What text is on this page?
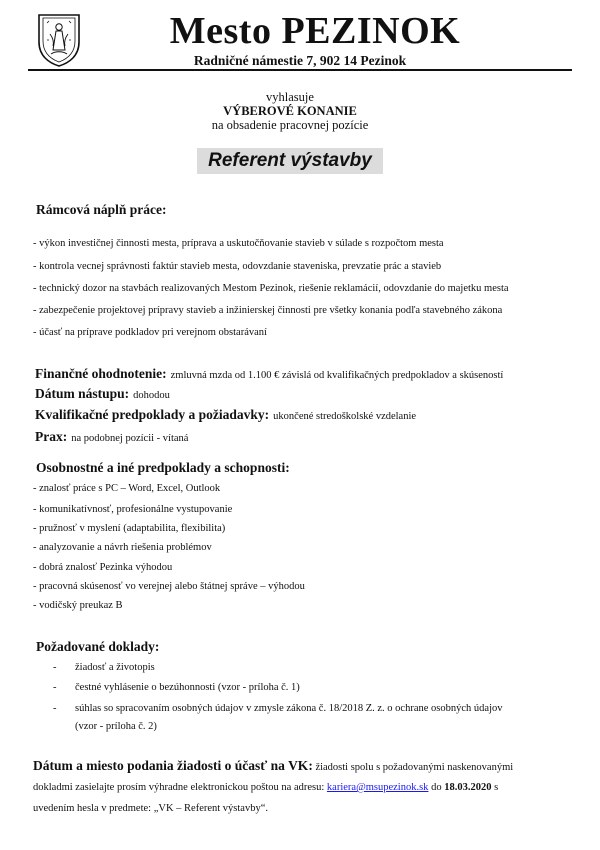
Mesto PEZINOK
Radničné námestie 7, 902 14 Pezinok
vyhlasuje
VÝBEROVÉ KONANIE
na obsadenie pracovnej pozície
Referent výstavby
Rámcová náplň práce:
- výkon investičnej činnosti mesta, príprava a uskutočňovanie stavieb v súlade s rozpočtom mesta
- kontrola vecnej správnosti faktúr stavieb mesta, odovzdanie staveniska, prevzatie prác a stavieb
- technický dozor na stavbách realizovaných Mestom Pezinok, riešenie reklamácií, odovzdanie do majetku mesta
- zabezpečenie projektovej prípravy stavieb a inžinierskej činnosti pre všetky konania podľa stavebného zákona
- účasť na príprave podkladov pri verejnom obstarávaní
Finančné ohodnotenie: zmluvná mzda od 1.100 € závislá od kvalifikačných predpokladov a skúseností
Dátum nástupu: dohodou
Kvalifikačné predpoklady a požiadavky: ukončené stredoškolské vzdelanie
Prax: na podobnej pozícii - vítaná
Osobnostné a iné predpoklady a schopnosti:
- znalosť práce s PC – Word, Excel, Outlook
- komunikatívnosť, profesionálne vystupovanie
- pružnosť v myslení (adaptabilita, flexibilita)
- analyzovanie a návrh riešenia problémov
- dobrá znalosť Pezinka výhodou
- pracovná skúsenosť vo verejnej alebo štátnej správe – výhodou
- vodičský preukaz B
Požadované doklady:
- žiadosť a životopis
- čestné vyhlásenie o bezúhonnosti (vzor - príloha č. 1)
- súhlas so spracovaním osobných údajov v zmysle zákona č. 18/2018 Z. z. o ochrane osobných údajov
(vzor - príloha č. 2)
Dátum a miesto podania žiadosti o účasť na VK: žiadosti spolu s požadovanými naskenovanými
dokladmi zasielajte prosím výhradne elektronickou poštou na adresu: kariera@msupezinok.sk do 18.03.2020 s
uvedením hesla v predmete: „VK – Referent výstavby“.
